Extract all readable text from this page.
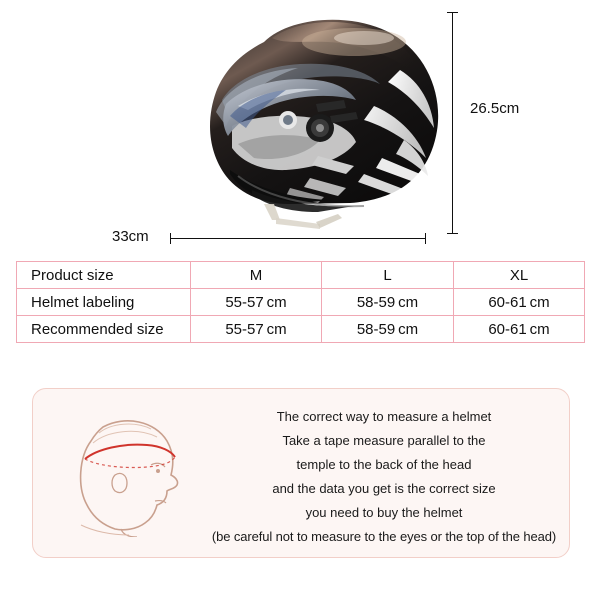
26.5cm
33cm
Product size	M	L	XL
Helmet labeling	55-57 cm	58-59 cm	60-61 cm
Recommended size	55-57 cm	58-59 cm	60-61 cm
The correct way to measure a helmet
Take a tape measure parallel to the
temple to the back of the head
and the data you get is the correct size
you need to buy the helmet
(be careful not to measure to the eyes or the top of the head)
